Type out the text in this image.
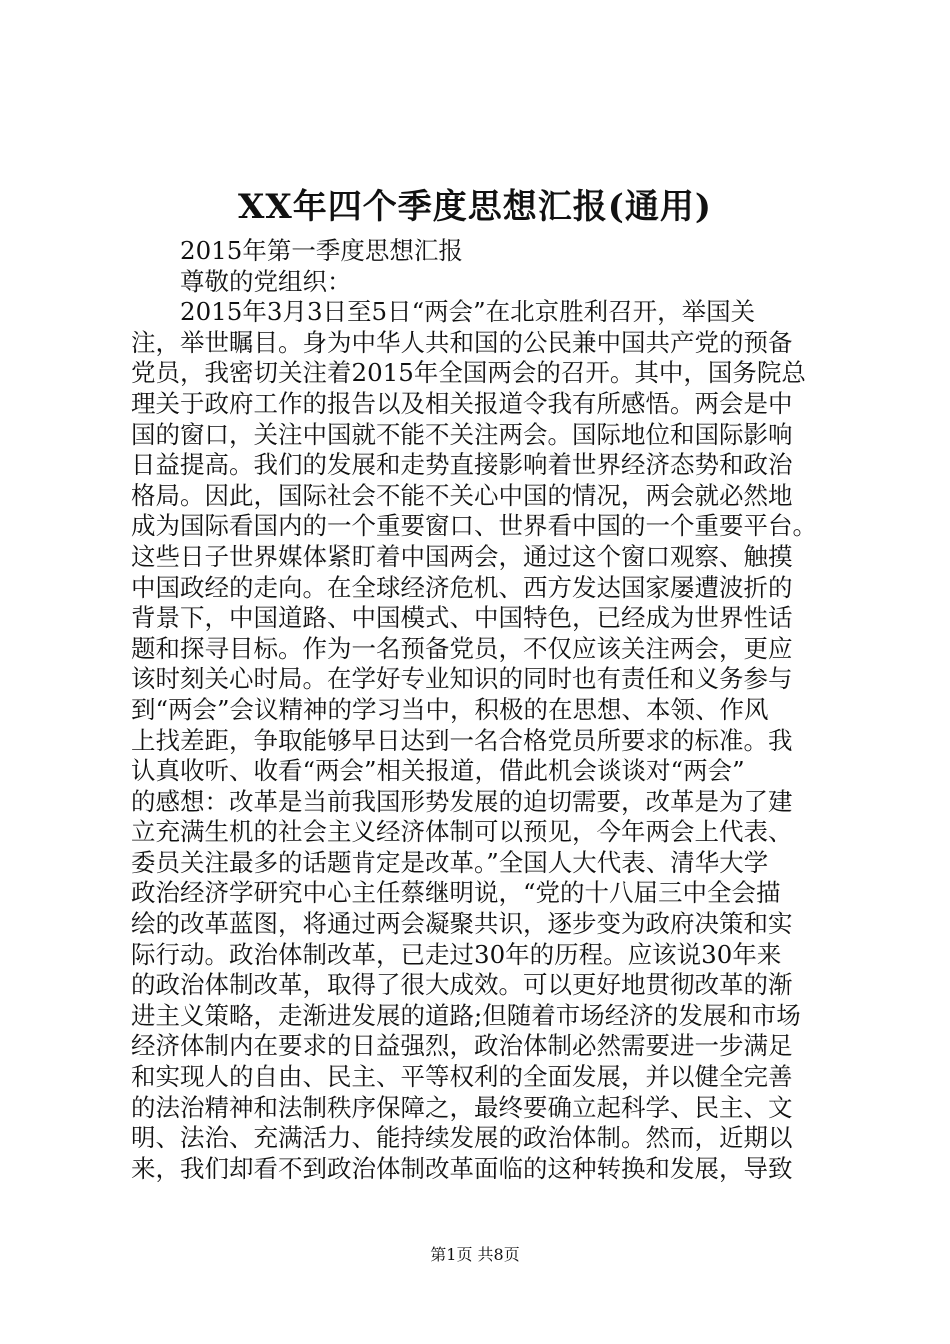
XX年四个季度思想汇报(通用)
2015年第一季度思想汇报
尊敬的党组织：
2015年3月3日至5日“两会”在北京胜利召开，举国关
注，举世瞩目。身为中华人共和国的公民兼中国共产党的预备
党员，我密切关注着2015年全国两会的召开。其中，国务院总
理关于政府工作的报告以及相关报道令我有所感悟。两会是中
国的窗口，关注中国就不能不关注两会。国际地位和国际影响
日益提高。我们的发展和走势直接影响着世界经济态势和政治
格局。因此，国际社会不能不关心中国的情况，两会就必然地
成为国际看国内的一个重要窗口、世界看中国的一个重要平台。
这些日子世界媒体紧盯着中国两会，通过这个窗口观察、触摸
中国政经的走向。在全球经济危机、西方发达国家屡遭波折的
背景下，中国道路、中国模式、中国特色，已经成为世界性话
题和探寻目标。作为一名预备党员，不仅应该关注两会，更应
该时刻关心时局。在学好专业知识的同时也有责任和义务参与
到“两会”会议精神的学习当中，积极的在思想、本领、作风
上找差距，争取能够早日达到一名合格党员所要求的标准。我
认真收听、收看“两会”相关报道，借此机会谈谈对“两会”
的感想：改革是当前我国形势发展的迫切需要，改革是为了建
立充满生机的社会主义经济体制可以预见，今年两会上代表、
委员关注最多的话题肯定是改革。”全国人大代表、清华大学
政治经济学研究中心主任蔡继明说，“党的十八届三中全会描
绘的改革蓝图，将通过两会凝聚共识，逐步变为政府决策和实
际行动。政治体制改革，已走过30年的历程。应该说30年来
的政治体制改革，取得了很大成效。可以更好地贯彻改革的渐
进主义策略，走渐进发展的道路;但随着市场经济的发展和市场
经济体制内在要求的日益强烈，政治体制必然需要进一步满足
和实现人的自由、民主、平等权利的全面发展，并以健全完善
的法治精神和法制秩序保障之，最终要确立起科学、民主、文
明、法治、充满活力、能持续发展的政治体制。然而，近期以
来，我们却看不到政治体制改革面临的这种转换和发展，导致
第1页 共8页
